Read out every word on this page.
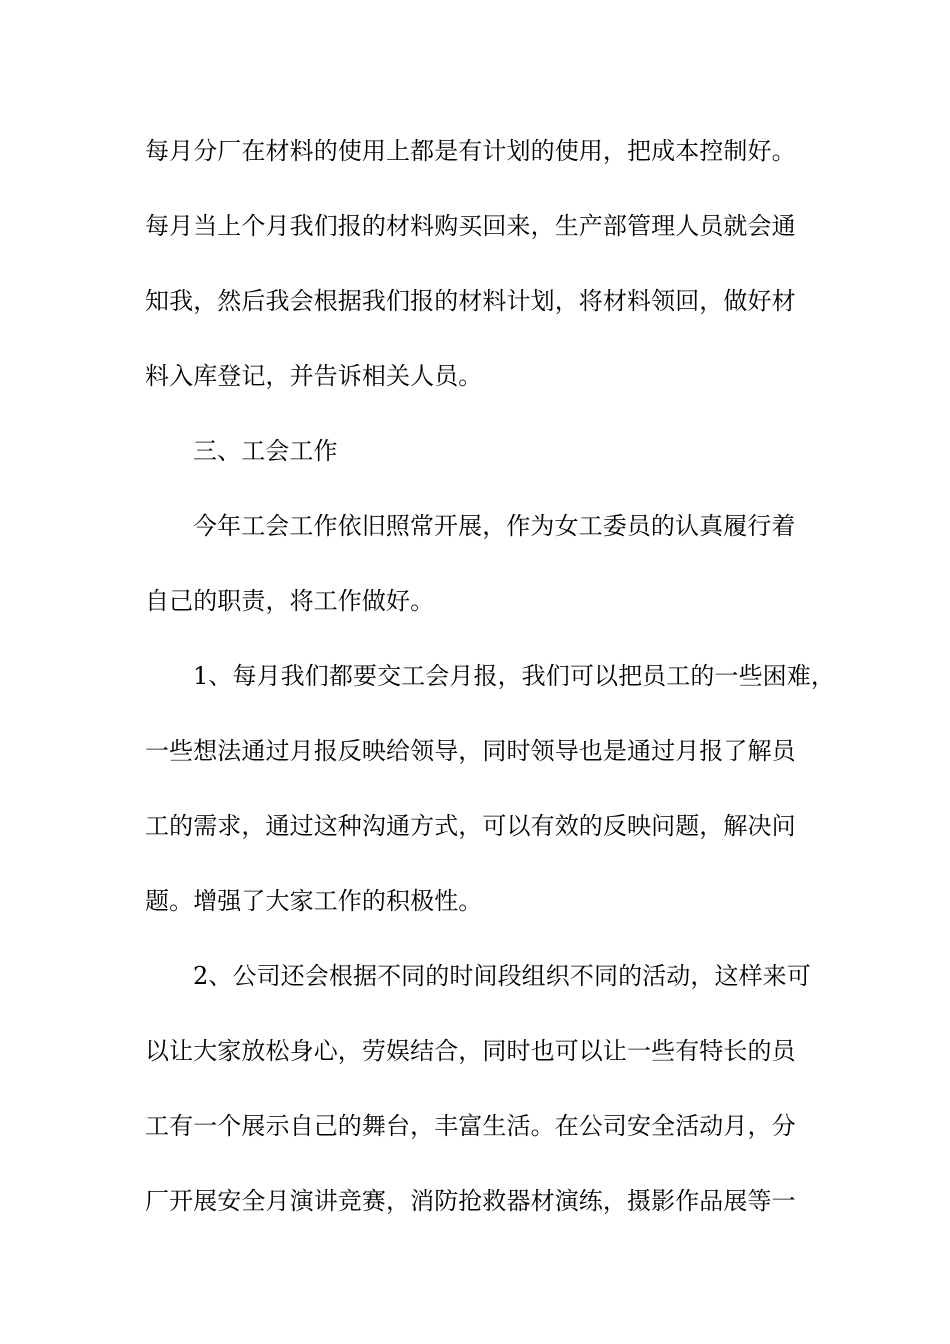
每月分厂在材料的使用上都是有计划的使用，把成本控制好。
每月当上个月我们报的材料购买回来，生产部管理人员就会通
知我，然后我会根据我们报的材料计划，将材料领回，做好材
料入库登记，并告诉相关人员。
三、工会工作
今年工会工作依旧照常开展，作为女工委员的认真履行着
自己的职责，将工作做好。
1、每月我们都要交工会月报，我们可以把员工的一些困难，
一些想法通过月报反映给领导，同时领导也是通过月报了解员
工的需求，通过这种沟通方式，可以有效的反映问题，解决问
题。增强了大家工作的积极性。
2、公司还会根据不同的时间段组织不同的活动，这样来可
以让大家放松身心，劳娱结合，同时也可以让一些有特长的员
工有一个展示自己的舞台，丰富生活。在公司安全活动月，分
厂开展安全月演讲竞赛，消防抢救器材演练，摄影作品展等一
